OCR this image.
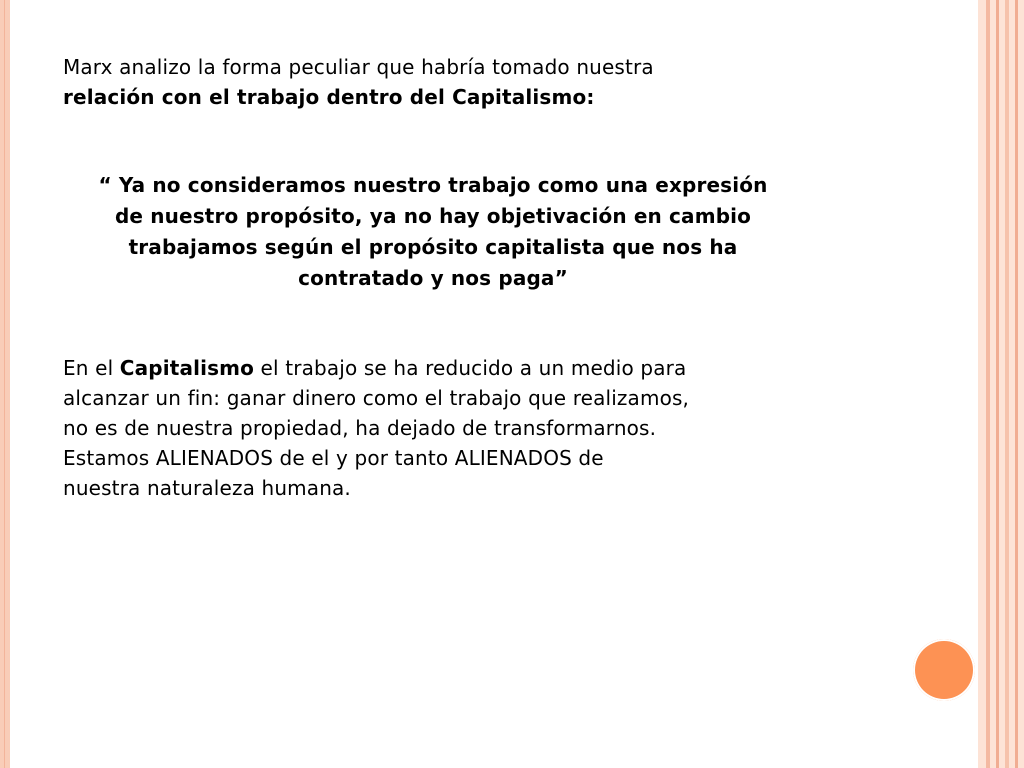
Marx analizo la forma peculiar que habría tomado nuestra
relación con el trabajo dentro del Capitalismo:

“ Ya no consideramos nuestro trabajo como una expresión
de nuestro propósito, ya no hay objetivación en cambio
trabajamos según el propósito capitalista que nos ha
contratado y nos paga”

En el Capitalismo el trabajo se ha reducido a un medio para
alcanzar un fin: ganar dinero como el trabajo que realizamos,
no es de nuestra propiedad, ha dejado de transformarnos.
Estamos ALIENADOS de el y por tanto ALIENADOS de
nuestra naturaleza humana.
